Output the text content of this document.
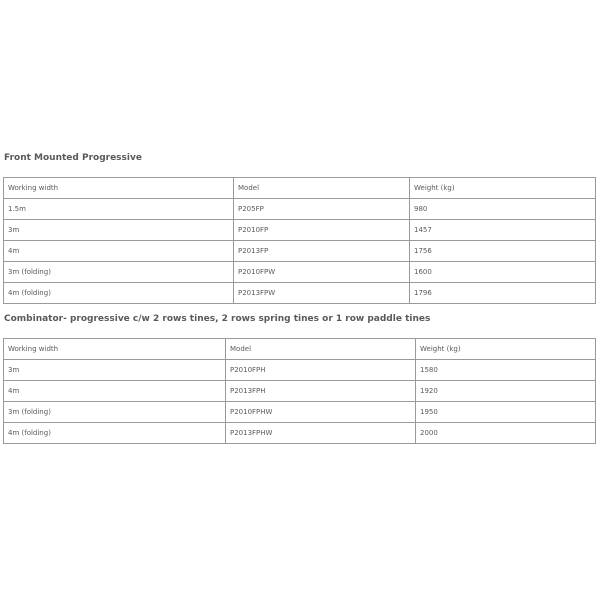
Front Mounted Progressive
Working width	Model	Weight (kg)
1.5m	P205FP	980
3m	P2010FP	1457
4m	P2013FP	1756
3m (folding)	P2010FPW	1600
4m (folding)	P2013FPW	1796
Combinator- progressive c/w 2 rows tines, 2 rows spring tines or 1 row paddle tines
Working width	Model	Weight (kg)
3m	P2010FPH	1580
4m	P2013FPH	1920
3m (folding)	P2010FPHW	1950
4m (folding)	P2013FPHW	2000
